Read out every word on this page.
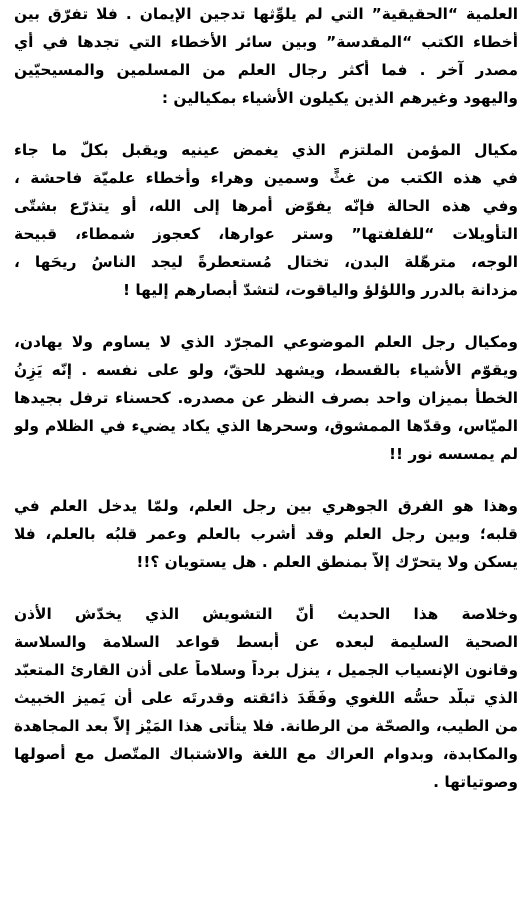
العلمية “الحقيقية” التي لم يلوِّثها تدجين الإيمان . فلا تفرّق بين
أخطاء الكتب “المقدسة” وبين سائر الأخطاء التي تجدها في أي
مصدر آخر . فما أكثر رجال العلم من المسلمين والمسيحيّين
واليهود وغيرهم الذين يكيلون الأشياء بمكيالين :
مكيال المؤمن الملتزم الذي يغمض عينيه ويقبل بكلّ ما جاء
في هذه الكتب من غثٍّ وسمين وهراء وأخطاء علميّة فاحشة ،
وفي هذه الحالة فإنّه يفوّض أمرها إلى الله، أو يتذرّع بشتّى
التأويلات “للفلفتها” وستر عوارها، كعجوز شمطاء، قبيحة
الوجه، مترهّلة البدن، تختال مُستعطرةً ليجد الناسُ ريحَها ،
مزدانة بالدرر واللؤلؤ والياقوت، لتشدّ أبصارهم إليها !
ومكيال رجل العلم الموضوعي المجرّد الذي لا يساوم ولا يهادن،
ويقوّم الأشياء بالقسط، ويشهد للحقّ، ولو على نفسه . إنّه يَزِنُ
الخطأ بميزان واحد بصرف النظر عن مصدره. كحسناء ترفل بجيدها
الميّاس، وقدّها الممشوق، وسحرها الذي يكاد يضيء في الظلام ولو
لم يمسسه نور !!
وهذا هو الفرق الجوهري بين رجل العلم، ولمّا يدخل العلم في
قلبه؛ وبين رجل العلم وقد أُشرب بالعلم وعمر قلبُه بالعلم، فلا
يسكن ولا يتحرّك إلاّ بمنطق العلم . هل يستويان ؟!!
وخلاصة هذا الحديث أنّ التشويش الذي يخدّش الأذن
الصحية السليمة لبعده عن أبسط قواعد السلامة والسلاسة
وقانون الإنسياب الجميل ، ينزل برداً وسلاماً على أذن القارئ المتعبّد
الذي تبلّد حسُّه اللغوي وفَقَدَ ذائقته وقدرتَه على أن يَميز الخبيث
من الطيب، والصحّة من الرطانة. فلا يتأتى هذا المَيْز إلاّ بعد المجاهدة
والمكابدة، وبدوام العراك مع اللغة والاشتباك المتّصل مع أصولها
وصوتياتها .
